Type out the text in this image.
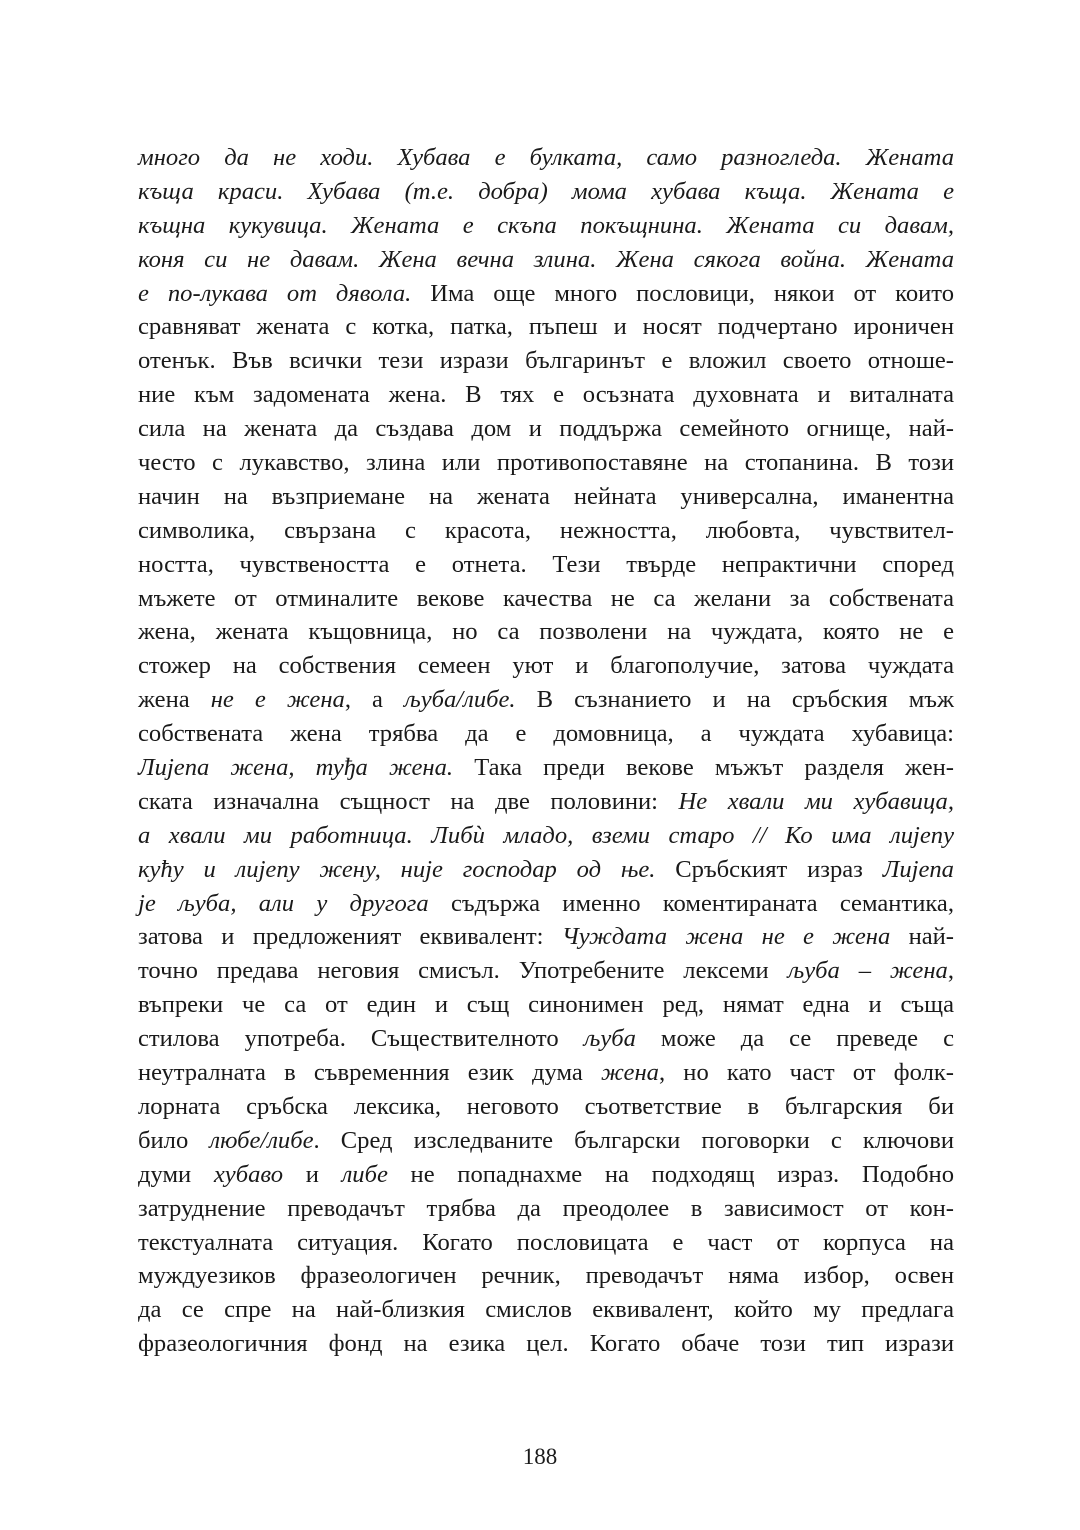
много да не ходи. Хубава е булката, само разногледа. Жената
къща краси. Хубава (т.е. добра) мома хубава къща. Жената е
къщна кукувица. Жената е скъпа покъщнина. Жената си давам,
коня си не давам. Жена вечна злина. Жена сякога война. Жената
е по-лукава от дявола. Има още много пословици, някои от които
сравняват жената с котка, патка, пъпеш и носят подчертано ироничен
отенък. Във всички тези изрази българинът е вложил своето отноше-
ние към задомената жена. В тях е осъзната духовната и виталната
сила на жената да създава дом и поддържа семейното огнище, най-
често с лукавство, злина или противопоставяне на стопанина. В този
начин на възприемане на жената нейната универсална, иманентна
символика, свързана с красота, нежността, любовта, чувствител-
ността, чувствеността е отнета. Тези твърде непрактични според
мъжете от отминалите векове качества не са желани за собствената
жена, жената къщовница, но са позволени на чуждата, която не е
стожер на собствения семеен уют и благополучие, затова чуждата
жена не е жена, а љуба/либе. В съзнанието и на сръбския мъж
собствената жена трябва да е домовница, а чуждата хубавица:
Лијепа жена, туђа жена. Така преди векове мъжът разделя жен-
ската изначална същност на две половини: Не хвали ми хубавица,
а хвали ми работница. Либѝ младо, вземи старо // Ко има лијепу
кућу и лијепу жену, није господар од ње. Сръбският израз Лијепа
је љуба, али у другога съдържа именно коментираната семантика,
затова и предложеният еквивалент: Чуждата жена не е жена най-
точно предава неговия смисъл. Употребените лексеми љуба – жена,
въпреки че са от един и същ синонимен ред, нямат една и съща
стилова употреба. Съществителното љуба може да се преведе с
неутралната в съвременния език дума жена, но като част от фолк-
лорната сръбска лексика, неговото съответствие в българския би
било любе/либе. Сред изследваните български поговорки с ключови
думи хубаво и либе не попаднахме на подходящ израз. Подобно
затруднение преводачът трябва да преодолее в зависимост от кон-
текстуалната ситуация. Когато пословицата е част от корпуса на
муждуезиков фразеологичен речник, преводачът няма избор, освен
да се спре на най-близкия смислов еквивалент, който му предлага
фразеологичния фонд на езика цел. Когато обаче този тип изрази
188
